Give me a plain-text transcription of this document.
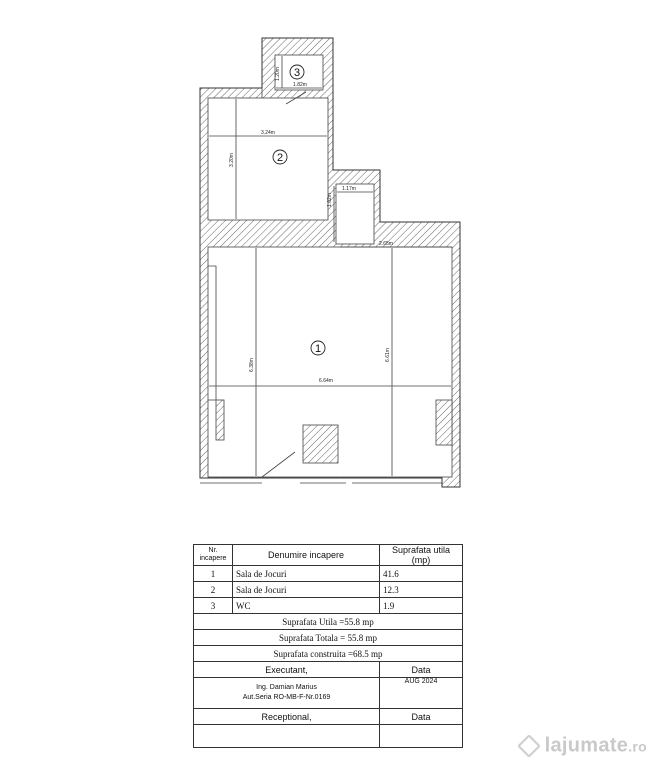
3
2
1
1.20m
1.82m
3.24m
3.20m
1.17m
1.02m
2.65m
6.64m
6.38m
6.61m
Nr. incapere	Denumire incapere	Suprafata utila (mp)
1	Sala de Jocuri	41.6
2	Sala de Jocuri	12.3
3	WC	1.9
Suprafata Utila =55.8 mp		
Suprafata Totala = 55.8 mp		
Suprafata construita =68.5 mp		
Executant,		Data

Ing. Damian Marius
Aut.Seria RO-MB-F-Nr.0169		AUG 2024
Receptional,		Data

lajumate.ro
